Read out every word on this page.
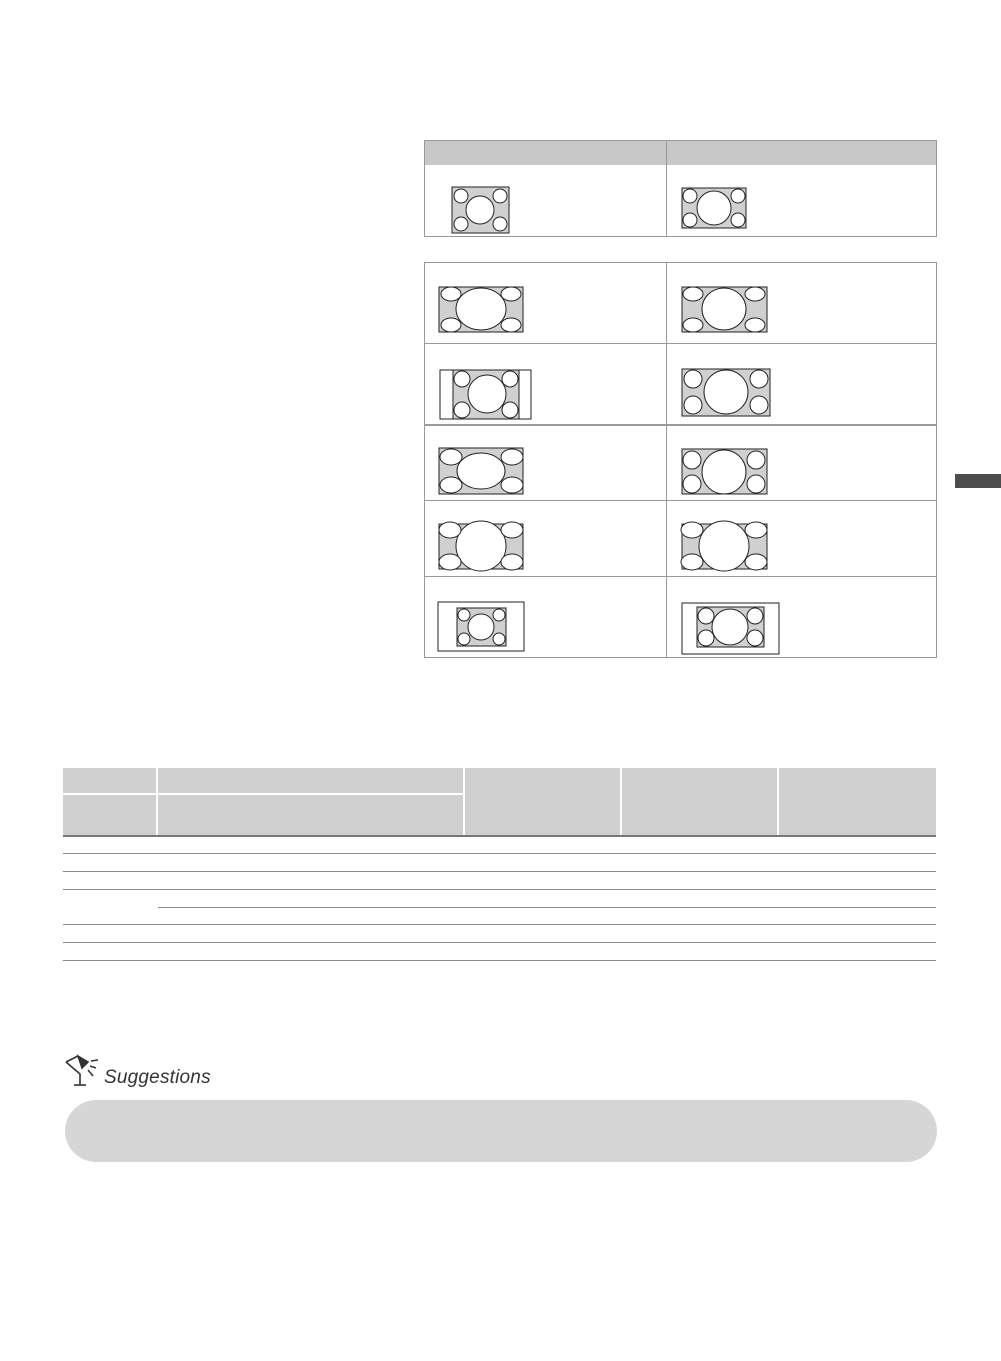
Suggestions
